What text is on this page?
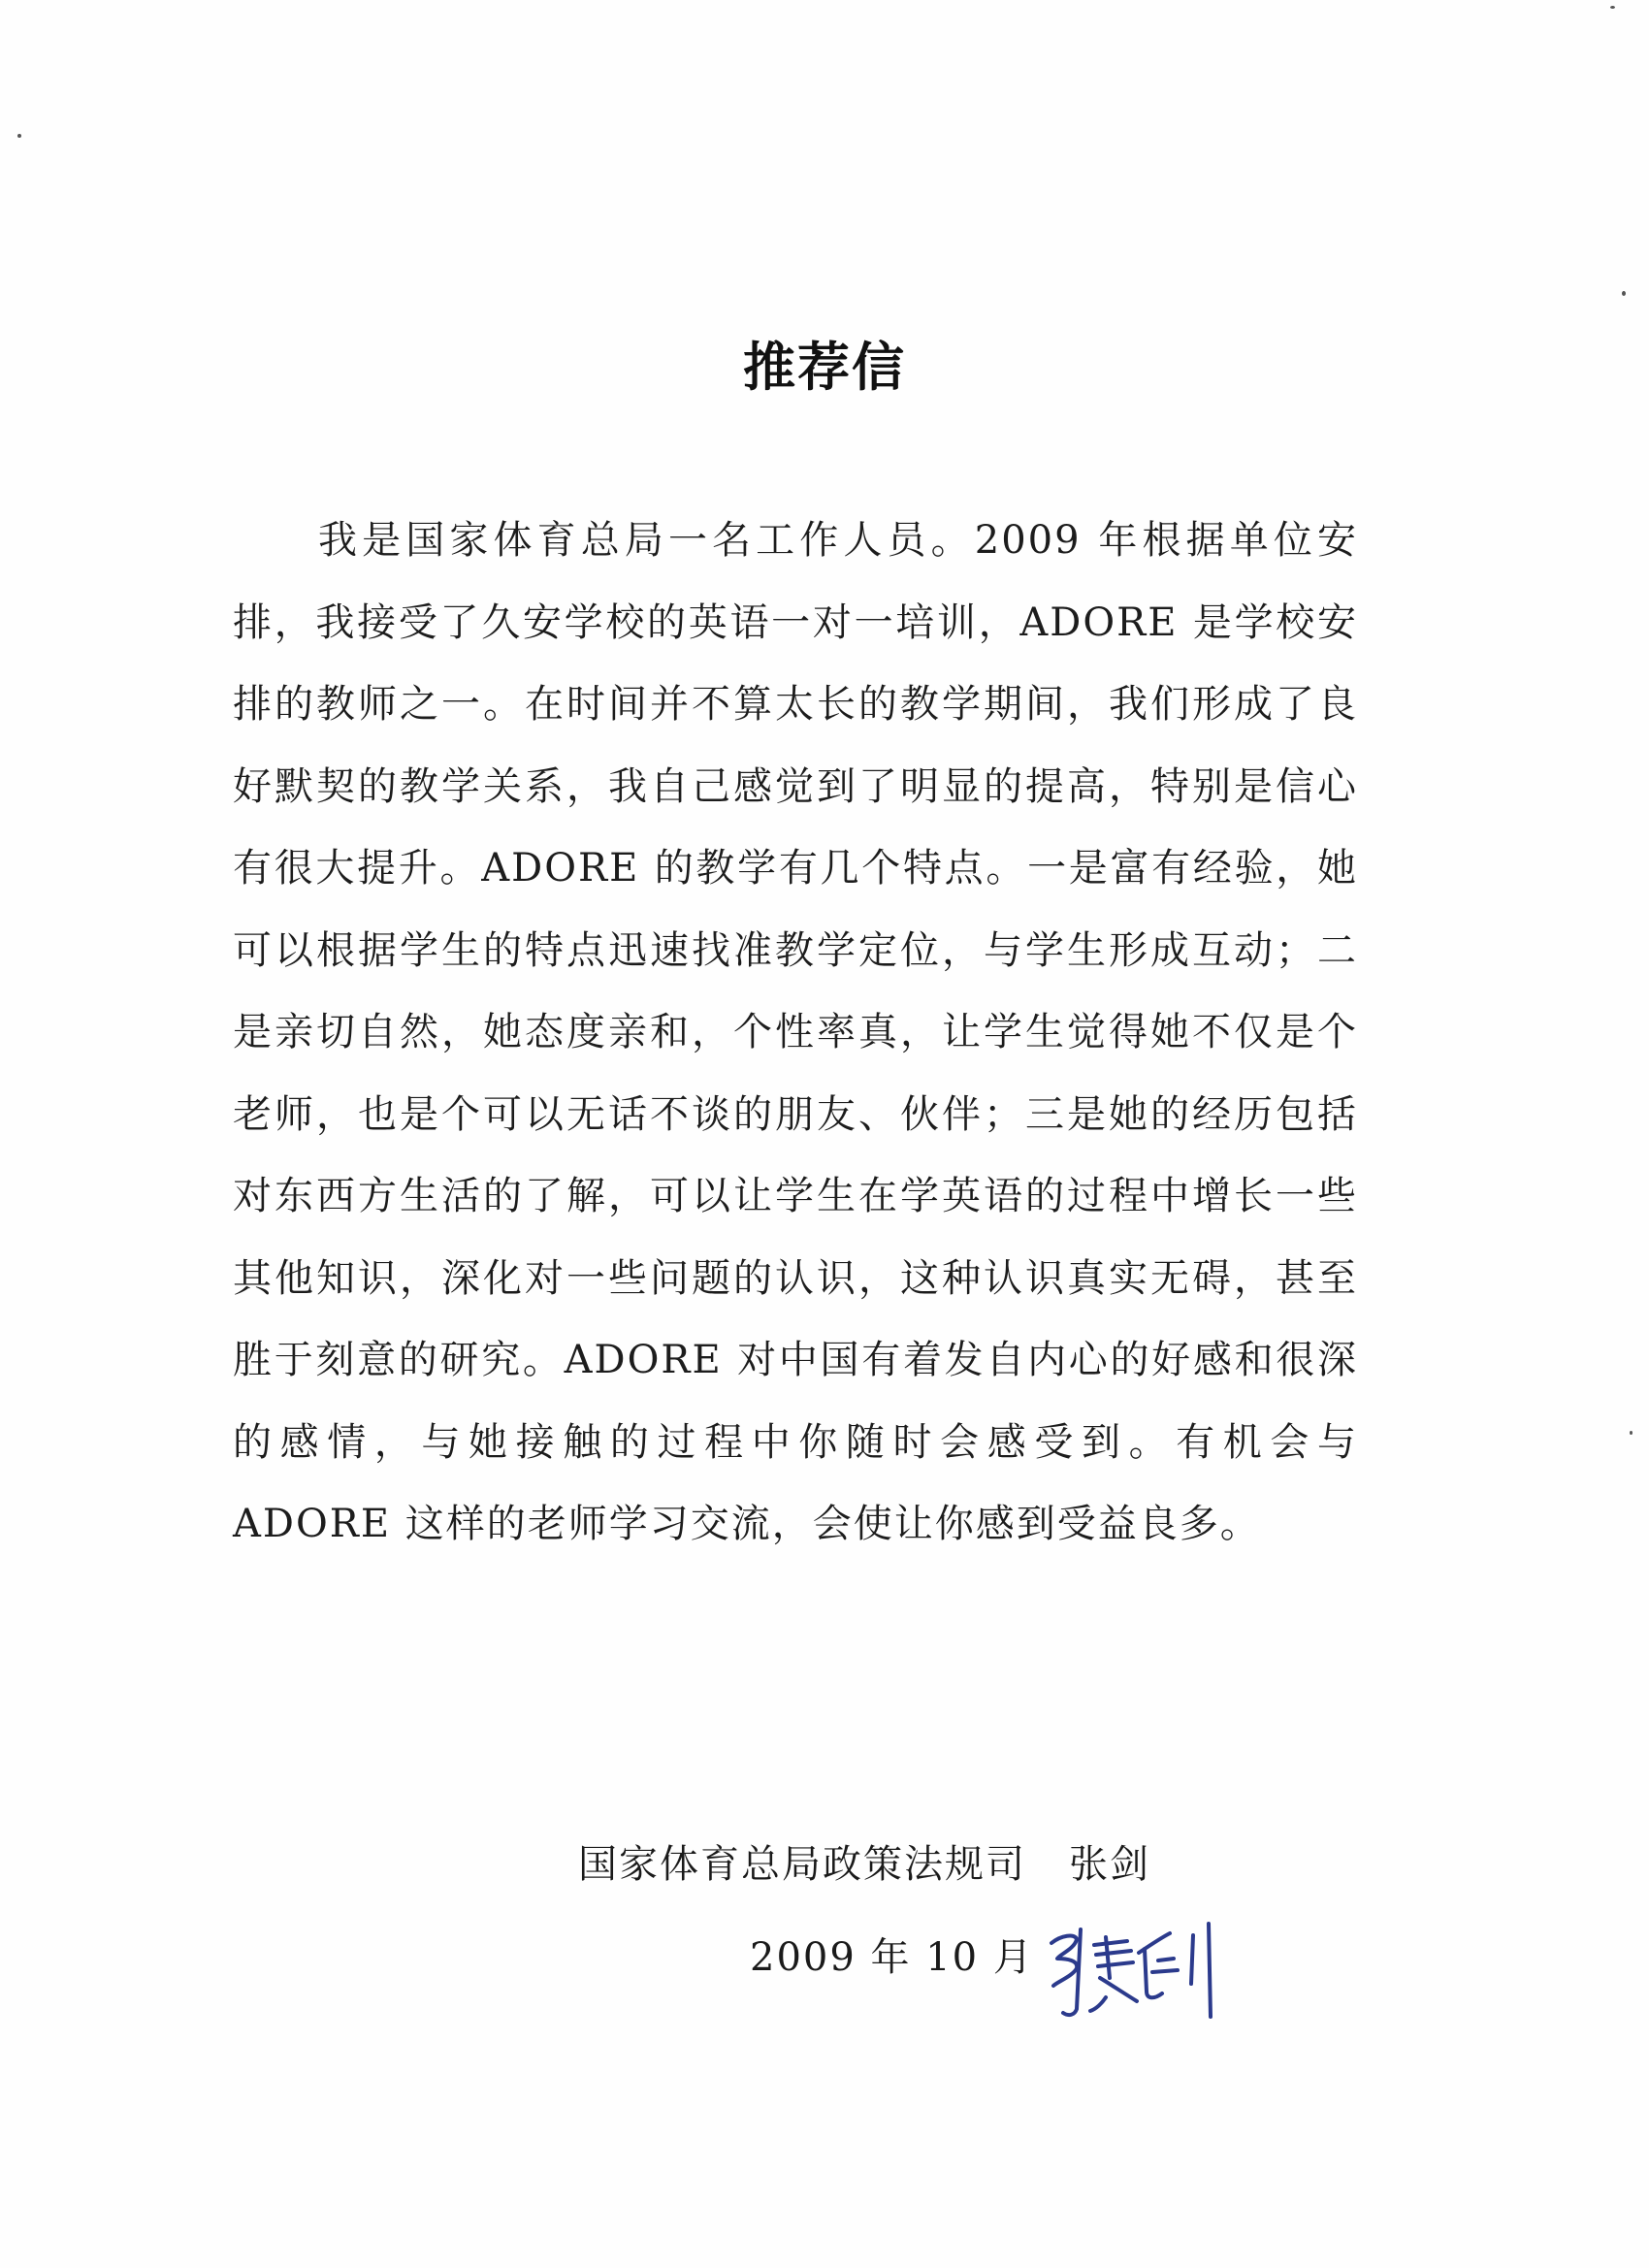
推荐信

我是国家体育总局一名工作人员。2009 年根据单位安排，我接受了久安学校的英语一对一培训，ADORE 是学校安排的教师之一。在时间并不算太长的教学期间，我们形成了良好默契的教学关系，我自己感觉到了明显的提高，特别是信心有很大提升。ADORE 的教学有几个特点。一是富有经验，她可以根据学生的特点迅速找准教学定位，与学生形成互动；二是亲切自然，她态度亲和，个性率真，让学生觉得她不仅是个老师，也是个可以无话不谈的朋友、伙伴；三是她的经历包括对东西方生活的了解，可以让学生在学英语的过程中增长一些其他知识，深化对一些问题的认识，这种认识真实无碍，甚至胜于刻意的研究。ADORE 对中国有着发自内心的好感和很深的感情，与她接触的过程中你随时会感受到。有机会与 ADORE 这样的老师学习交流，会使让你感到受益良多。

国家体育总局政策法规司 张剑
2009 年 10 月
